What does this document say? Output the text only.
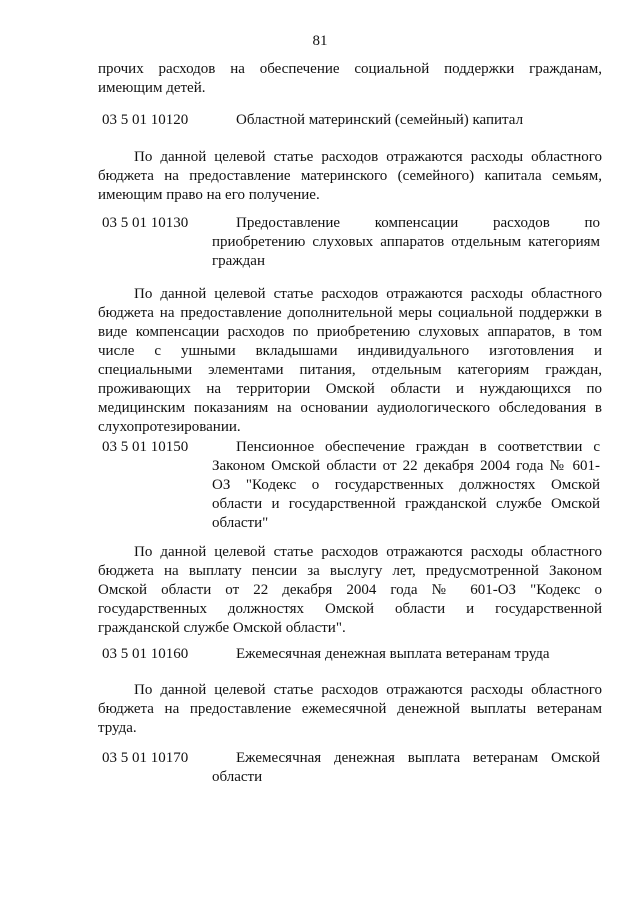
81
прочих расходов на обеспечение социальной поддержки гражданам,
имеющим детей.
03 5 01 10120	Областной материнский (семейный) капитал
По данной целевой статье расходов отражаются расходы областного
бюджета на предоставление материнского (семейного) капитала семьям,
имеющим право на его получение.
03 5 01 10130	Предоставление компенсации расходов по
приобретению слуховых аппаратов отдельным категориям
граждан
По данной целевой статье расходов отражаются расходы областного
бюджета на предоставление дополнительной меры социальной поддержки в
виде компенсации расходов по приобретению слуховых аппаратов, в том
числе с ушными вкладышами индивидуального изготовления и
специальными элементами питания, отдельным категориям граждан,
проживающих на территории Омской области и нуждающихся по
медицинским показаниям на основании аудиологического обследования в
слухопротезировании.
03 5 01 10150	Пенсионное обеспечение граждан в соответствии с
Законом Омской области от 22 декабря 2004 года № 601-
ОЗ "Кодекс о государственных должностях Омской
области и государственной гражданской службе Омской
области"
По данной целевой статье расходов отражаются расходы областного
бюджета на выплату пенсии за выслугу лет, предусмотренной Законом
Омской области от 22 декабря 2004 года № 601-ОЗ "Кодекс о
государственных должностях Омской области и государственной
гражданской службе Омской области".
03 5 01 10160	Ежемесячная денежная выплата ветеранам труда
По данной целевой статье расходов отражаются расходы областного
бюджета на предоставление ежемесячной денежной выплаты ветеранам
труда.
03 5 01 10170	Ежемесячная денежная выплата ветеранам Омской
области
